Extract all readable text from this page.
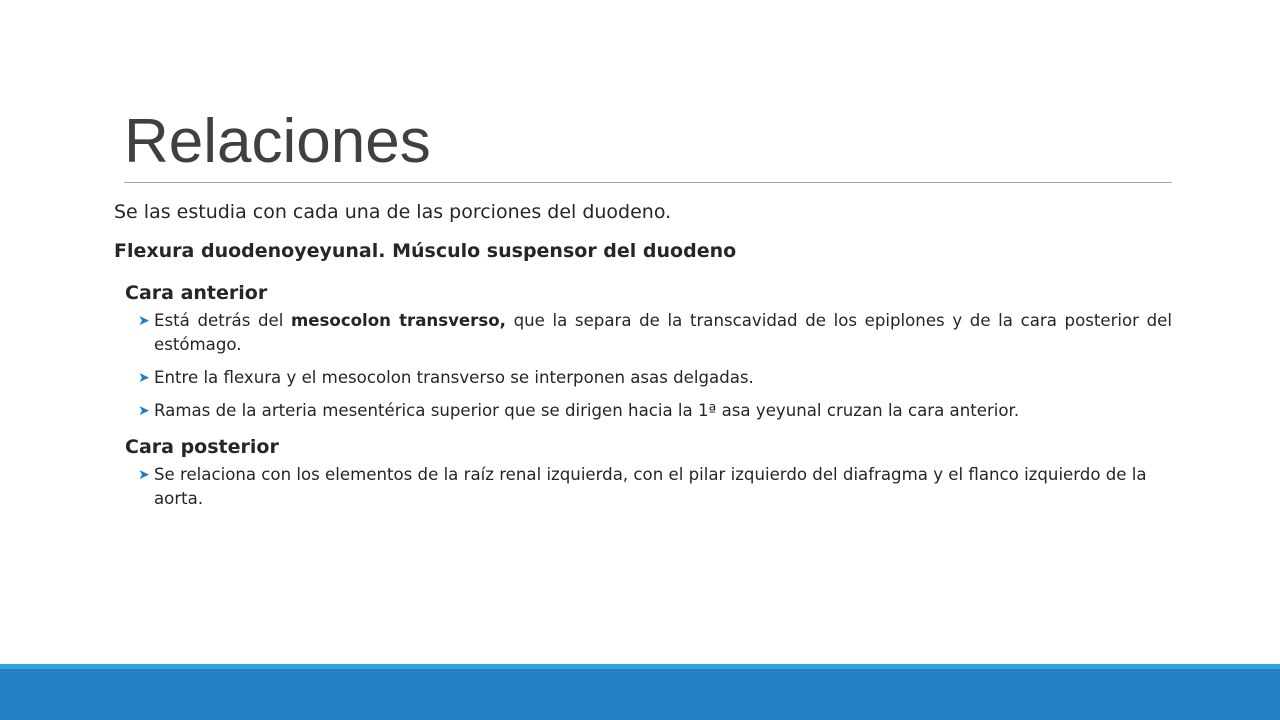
Relaciones

Se las estudia con cada una de las porciones del duodeno.

Flexura duodenoyeyunal. Músculo suspensor del duodeno

Cara anterior

➤ Está detrás del mesocolon transverso, que la separa de la transcavidad de los epiplones y de la cara posterior del estómago.
➤ Entre la flexura y el mesocolon transverso se interponen asas delgadas.
➤ Ramas de la arteria mesentérica superior que se dirigen hacia la 1ª asa yeyunal cruzan la cara anterior.

Cara posterior

➤ Se relaciona con los elementos de la raíz renal izquierda, con el pilar izquierdo del diafragma y el flanco izquierdo de la aorta.
